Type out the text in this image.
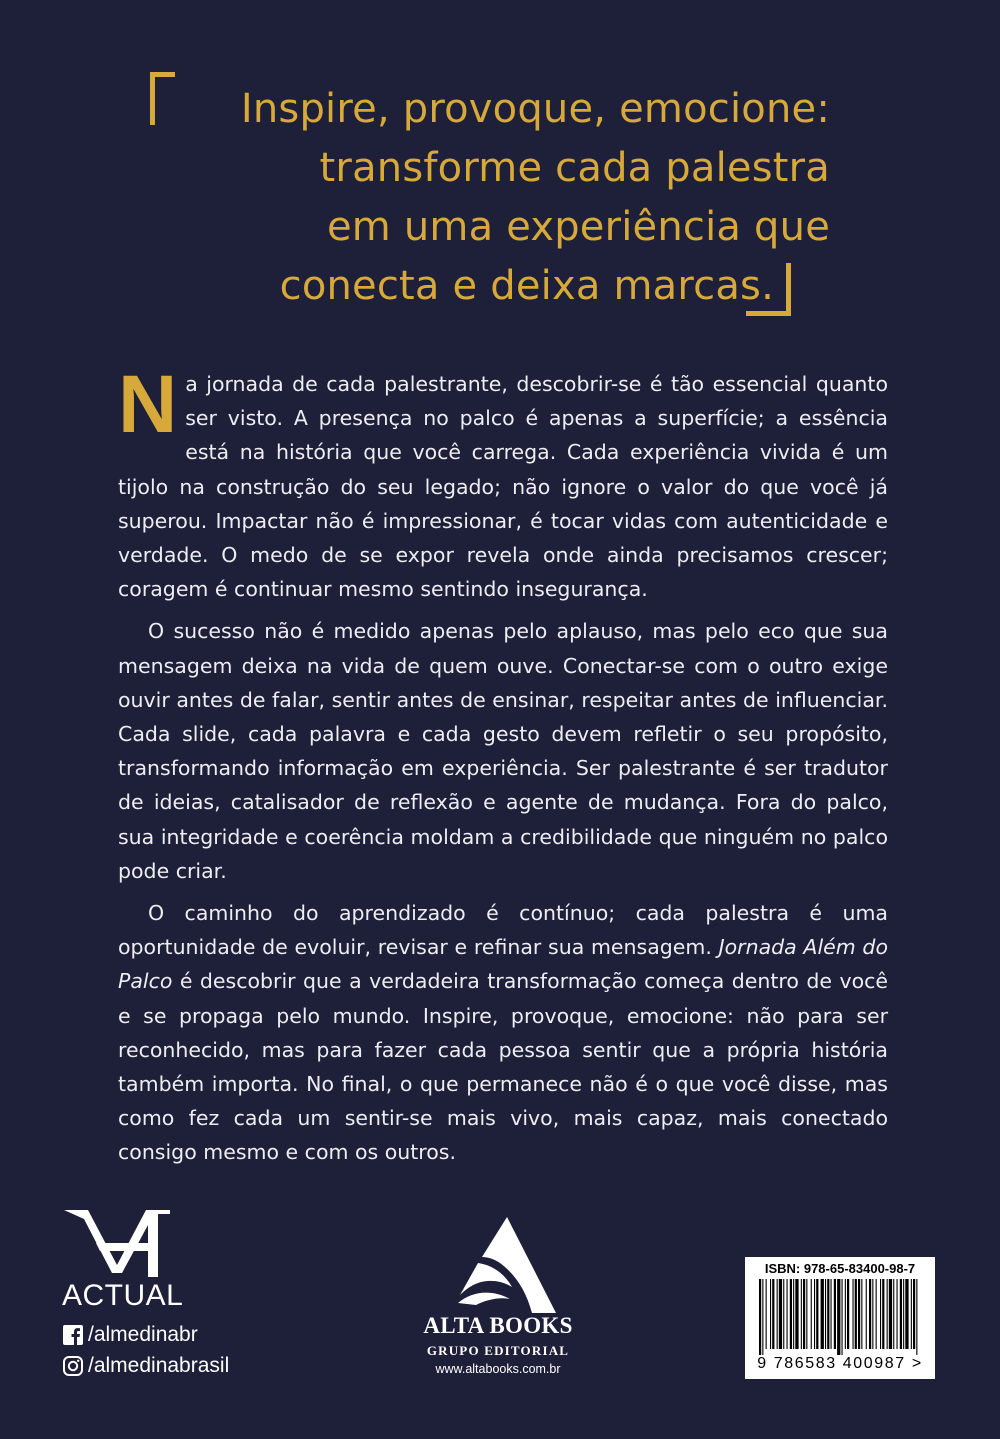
Inspire, provoque, emocione:
transforme cada palestra
em uma experiência que
conecta e deixa marcas.

Na jornada de cada palestrante, descobrir-se é tão essencial quanto ser visto. A presença no palco é apenas a superfície; a essência está na história que você carrega. Cada experiência vivida é um tijolo na construção do seu legado; não ignore o valor do que você já superou. Impactar não é impressionar, é tocar vidas com autenticidade e verdade. O medo de se expor revela onde ainda precisamos crescer; coragem é continuar mesmo sentindo insegurança.

O sucesso não é medido apenas pelo aplauso, mas pelo eco que sua mensagem deixa na vida de quem ouve. Conectar-se com o outro exige ouvir antes de falar, sentir antes de ensinar, respeitar antes de influenciar. Cada slide, cada palavra e cada gesto devem refletir o seu propósito, transformando informação em experiência. Ser palestrante é ser tradutor de ideias, catalisador de reflexão e agente de mudança. Fora do palco, sua integridade e coerência moldam a credibilidade que ninguém no palco pode criar.

O caminho do aprendizado é contínuo; cada palestra é uma oportunidade de evoluir, revisar e refinar sua mensagem. Jornada Além do Palco é descobrir que a verdadeira transformação começa dentro de você e se propaga pelo mundo. Inspire, provoque, emocione: não para ser reconhecido, mas para fazer cada pessoa sentir que a própria história também importa. No final, o que permanece não é o que você disse, mas como fez cada um sentir-se mais vivo, mais capaz, mais conectado consigo mesmo e com os outros.

ACTUAL
/almedinabr
/almedinabrasil
ALTA BOOKS
GRUPO EDITORIAL
www.altabooks.com.br
ISBN: 978-65-83400-98-7
9 786583 400987 >
